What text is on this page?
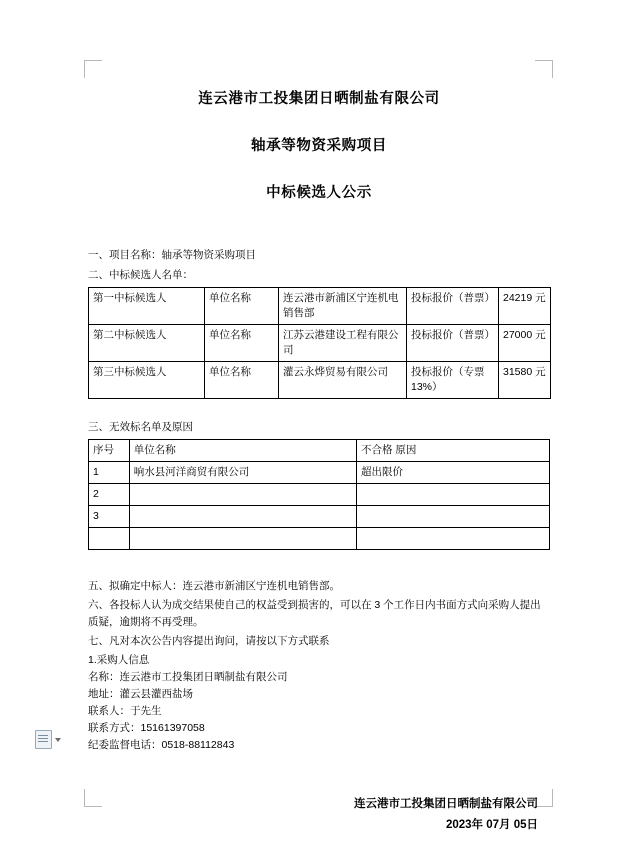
连云港市工投集团日晒制盐有限公司
轴承等物资采购项目
中标候选人公示

一、项目名称：轴承等物资采购项目

二、中标候选人名单：

第一中标候选人	单位名称	连云港市新浦区宁连机电销售部	投标报价（普票）	24219 元
第二中标候选人	单位名称	江苏云港建设工程有限公司	投标报价（普票）	27000 元
第三中标候选人	单位名称	灌云永烨贸易有限公司	投标报价（专票 13%）	31580 元

三、无效标名单及原因

序号	单位名称	不合格 原因
1	响水县河洋商贸有限公司	超出限价
2		
3		

五、拟确定中标人：连云港市新浦区宁连机电销售部。

六、各投标人认为成交结果使自己的权益受到损害的，可以在 3 个工作日内书面方式向采购人提出质疑，逾期将不再受理。

七、凡对本次公告内容提出询问，请按以下方式联系

1.采购人信息
名称：连云港市工投集团日晒制盐有限公司
地址：灌云县灌西盐场
联系人：于先生
联系方式：15161397058
纪委监督电话：0518-88112843
连云港市工投集团日晒制盐有限公司
2023年 07月 05日
